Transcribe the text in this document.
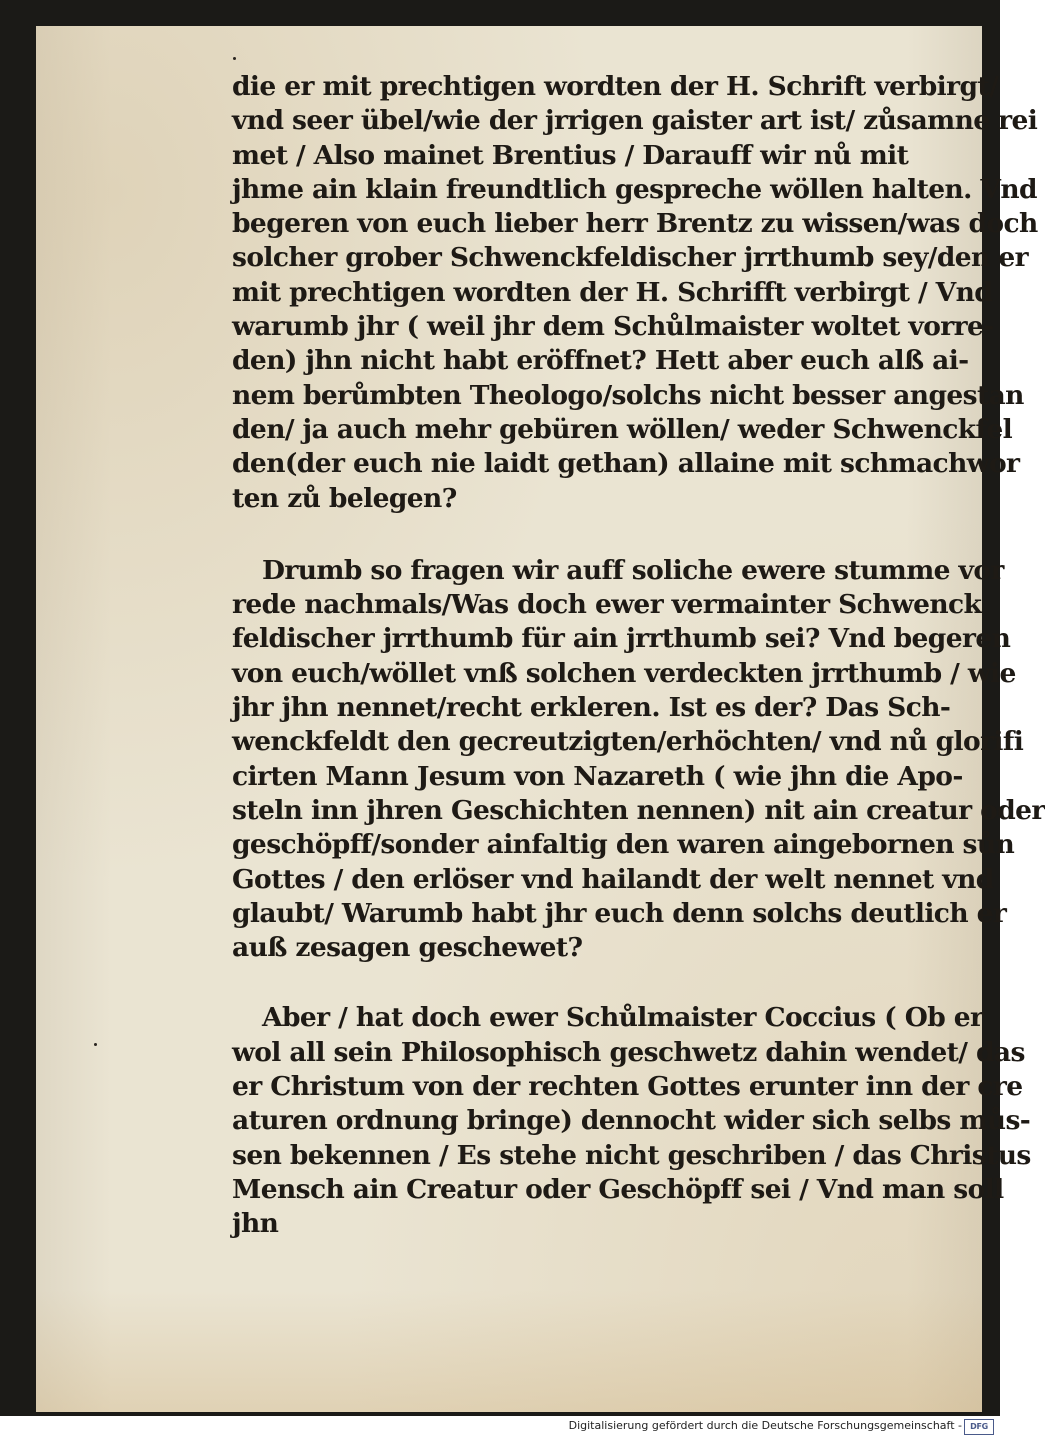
die er mit prechtigen wordten der H. Schrift verbirgt/
vnd seer übel/wie der jrrigen gaister art ist/ zůsamne rei
met / Also mainet Brentius / Darauff wir nů mit
jhme ain klain freundtlich gespreche wöllen halten. Vnd
begeren von euch lieber herr Brentz zu wissen/was doch
solcher grober Schwenckfeldischer jrrthumb sey/den er
mit prechtigen wordten der H. Schrifft verbirgt / Vnd
warumb jhr ( weil jhr dem Schůlmaister woltet vorre-
den) jhn nicht habt eröffnet? Hett aber euch alß ai-
nem berůmbten Theologo/solchs nicht besser angestan
den/ ja auch mehr gebüren wöllen/ weder Schwenckfel
den(der euch nie laidt gethan) allaine mit schmachwor
ten zů belegen?
Drumb so fragen wir auff soliche ewere stumme vor
rede nachmals/Was doch ewer vermainter Schwenck
feldischer jrrthumb für ain jrrthumb sei? Vnd begeren
von euch/wöllet vnß solchen verdeckten jrrthumb / wie
jhr jhn nennet/recht erkleren. Ist es der? Das Sch-
wenckfeldt den gecreutzigten/erhöchten/ vnd nů glorifi
cirten Mann Jesum von Nazareth ( wie jhn die Apo-
steln inn jhren Geschichten nennen) nit ain creatur oder
geschöpff/sonder ainfaltig den waren aingebornen sůn
Gottes / den erlöser vnd hailandt der welt nennet vnd
glaubt/ Warumb habt jhr euch denn solchs deutlich er
auß zesagen geschewet?
Aber / hat doch ewer Schůlmaister Coccius ( Ob er
wol all sein Philosophisch geschwetz dahin wendet/ das
er Christum von der rechten Gottes erunter inn der cre
aturen ordnung bringe) dennocht wider sich selbs můs-
sen bekennen / Es stehe nicht geschriben / das Christus
Mensch ain Creatur oder Geschöpff sei / Vnd man soll
jhn
Digitalisierung gefördert durch die Deutsche Forschungsgemeinschaft -	DFG
